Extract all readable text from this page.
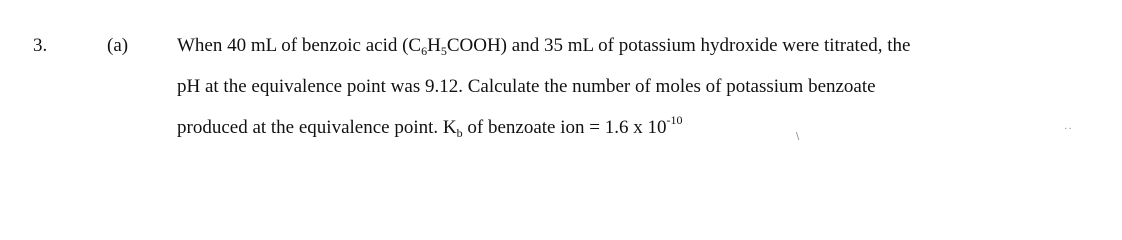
3.	(a)	When 40 mL of benzoic acid $(C_6H_5COOH)$ and 35 mL of potassium hydroxide were titrated, the
pH at the equivalence point was 9.12. Calculate the number of moles of potassium benzoate
produced at the equivalence point. $K_b$ of benzoate ion = 1.6 x $10^{-10}$
∖
··
